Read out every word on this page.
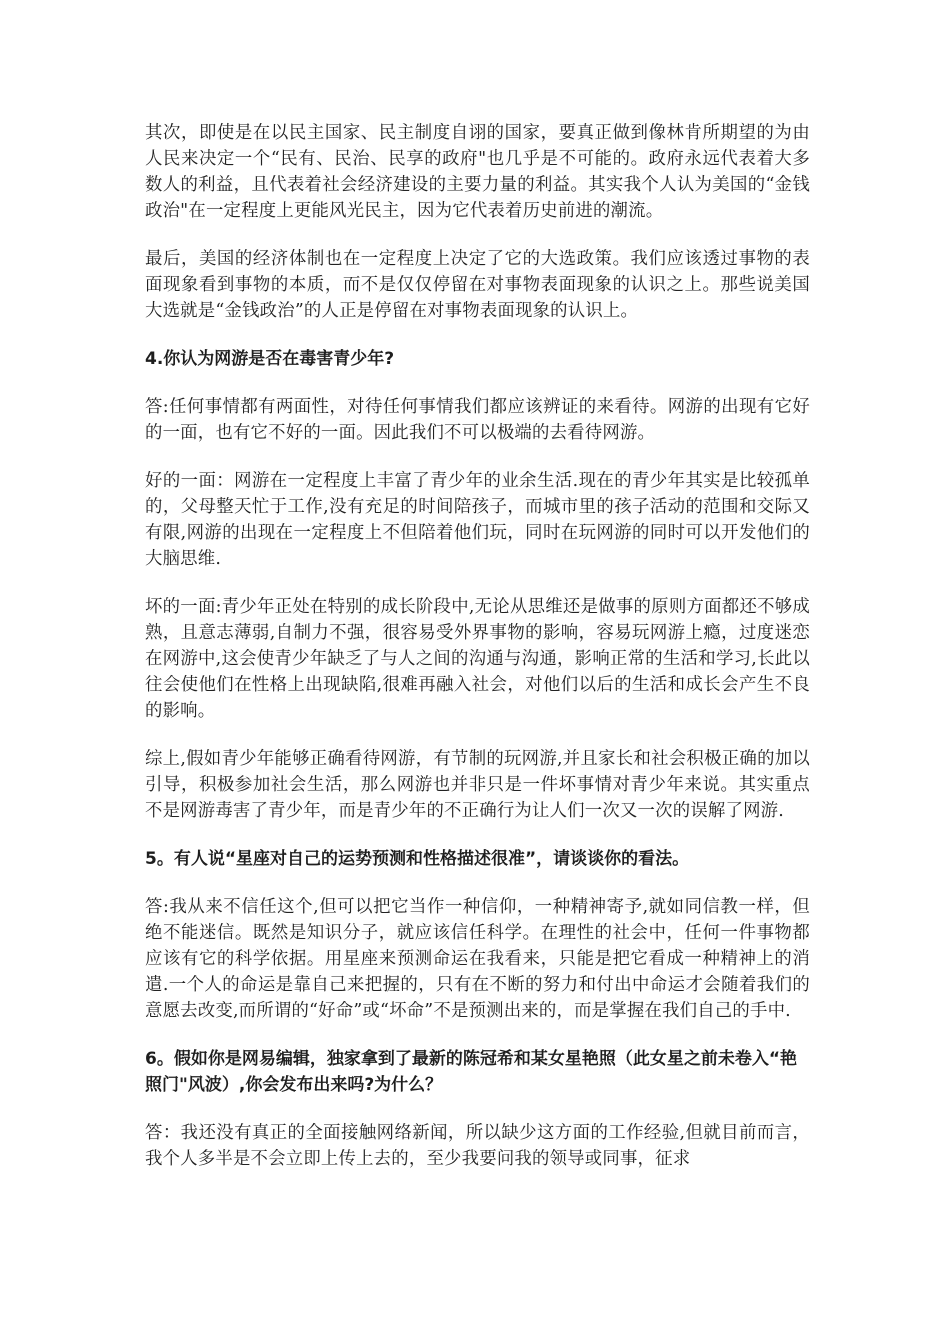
其次，即使是在以民主国家、民主制度自诩的国家，要真正做到像林肯所期望的为由人民来决定一个“民有、民治、民享的政府"也几乎是不可能的。政府永远代表着大多数人的利益，且代表着社会经济建设的主要力量的利益。其实我个人认为美国的“金钱政治"在一定程度上更能风光民主，因为它代表着历史前进的潮流。

最后，美国的经济体制也在一定程度上决定了它的大选政策。我们应该透过事物的表面现象看到事物的本质，而不是仅仅停留在对事物表面现象的认识之上。那些说美国大选就是“金钱政治”的人正是停留在对事物表面现象的认识上。

4.你认为网游是否在毒害青少年?

答:任何事情都有两面性，对待任何事情我们都应该辨证的来看待。网游的出现有它好的一面，也有它不好的一面。因此我们不可以极端的去看待网游。

好的一面：网游在一定程度上丰富了青少年的业余生活.现在的青少年其实是比较孤单的，父母整天忙于工作,没有充足的时间陪孩子，而城市里的孩子活动的范围和交际又有限,网游的出现在一定程度上不但陪着他们玩，同时在玩网游的同时可以开发他们的大脑思维.

坏的一面:青少年正处在特别的成长阶段中,无论从思维还是做事的原则方面都还不够成熟，且意志薄弱,自制力不强，很容易受外界事物的影响，容易玩网游上瘾，过度迷恋在网游中,这会使青少年缺乏了与人之间的沟通与沟通，影响正常的生活和学习,长此以往会使他们在性格上出现缺陷,很难再融入社会，对他们以后的生活和成长会产生不良的影响。

综上,假如青少年能够正确看待网游，有节制的玩网游,并且家长和社会积极正确的加以引导，积极参加社会生活，那么网游也并非只是一件坏事情对青少年来说。其实重点不是网游毒害了青少年，而是青少年的不正确行为让人们一次又一次的误解了网游.

5。有人说“星座对自己的运势预测和性格描述很准”，请谈谈你的看法。

答:我从来不信任这个,但可以把它当作一种信仰，一种精神寄予,就如同信教一样，但绝不能迷信。既然是知识分子，就应该信任科学。在理性的社会中，任何一件事物都应该有它的科学依据。用星座来预测命运在我看来，只能是把它看成一种精神上的消遣.一个人的命运是靠自己来把握的，只有在不断的努力和付出中命运才会随着我们的意愿去改变,而所谓的“好命”或“坏命”不是预测出来的，而是掌握在我们自己的手中.

6。假如你是网易编辑，独家拿到了最新的陈冠希和某女星艳照（此女星之前未卷入“艳照门"风波）,你会发布出来吗?为什么？

答：我还没有真正的全面接触网络新闻，所以缺少这方面的工作经验,但就目前而言，我个人多半是不会立即上传上去的，至少我要问我的领导或同事，征求
